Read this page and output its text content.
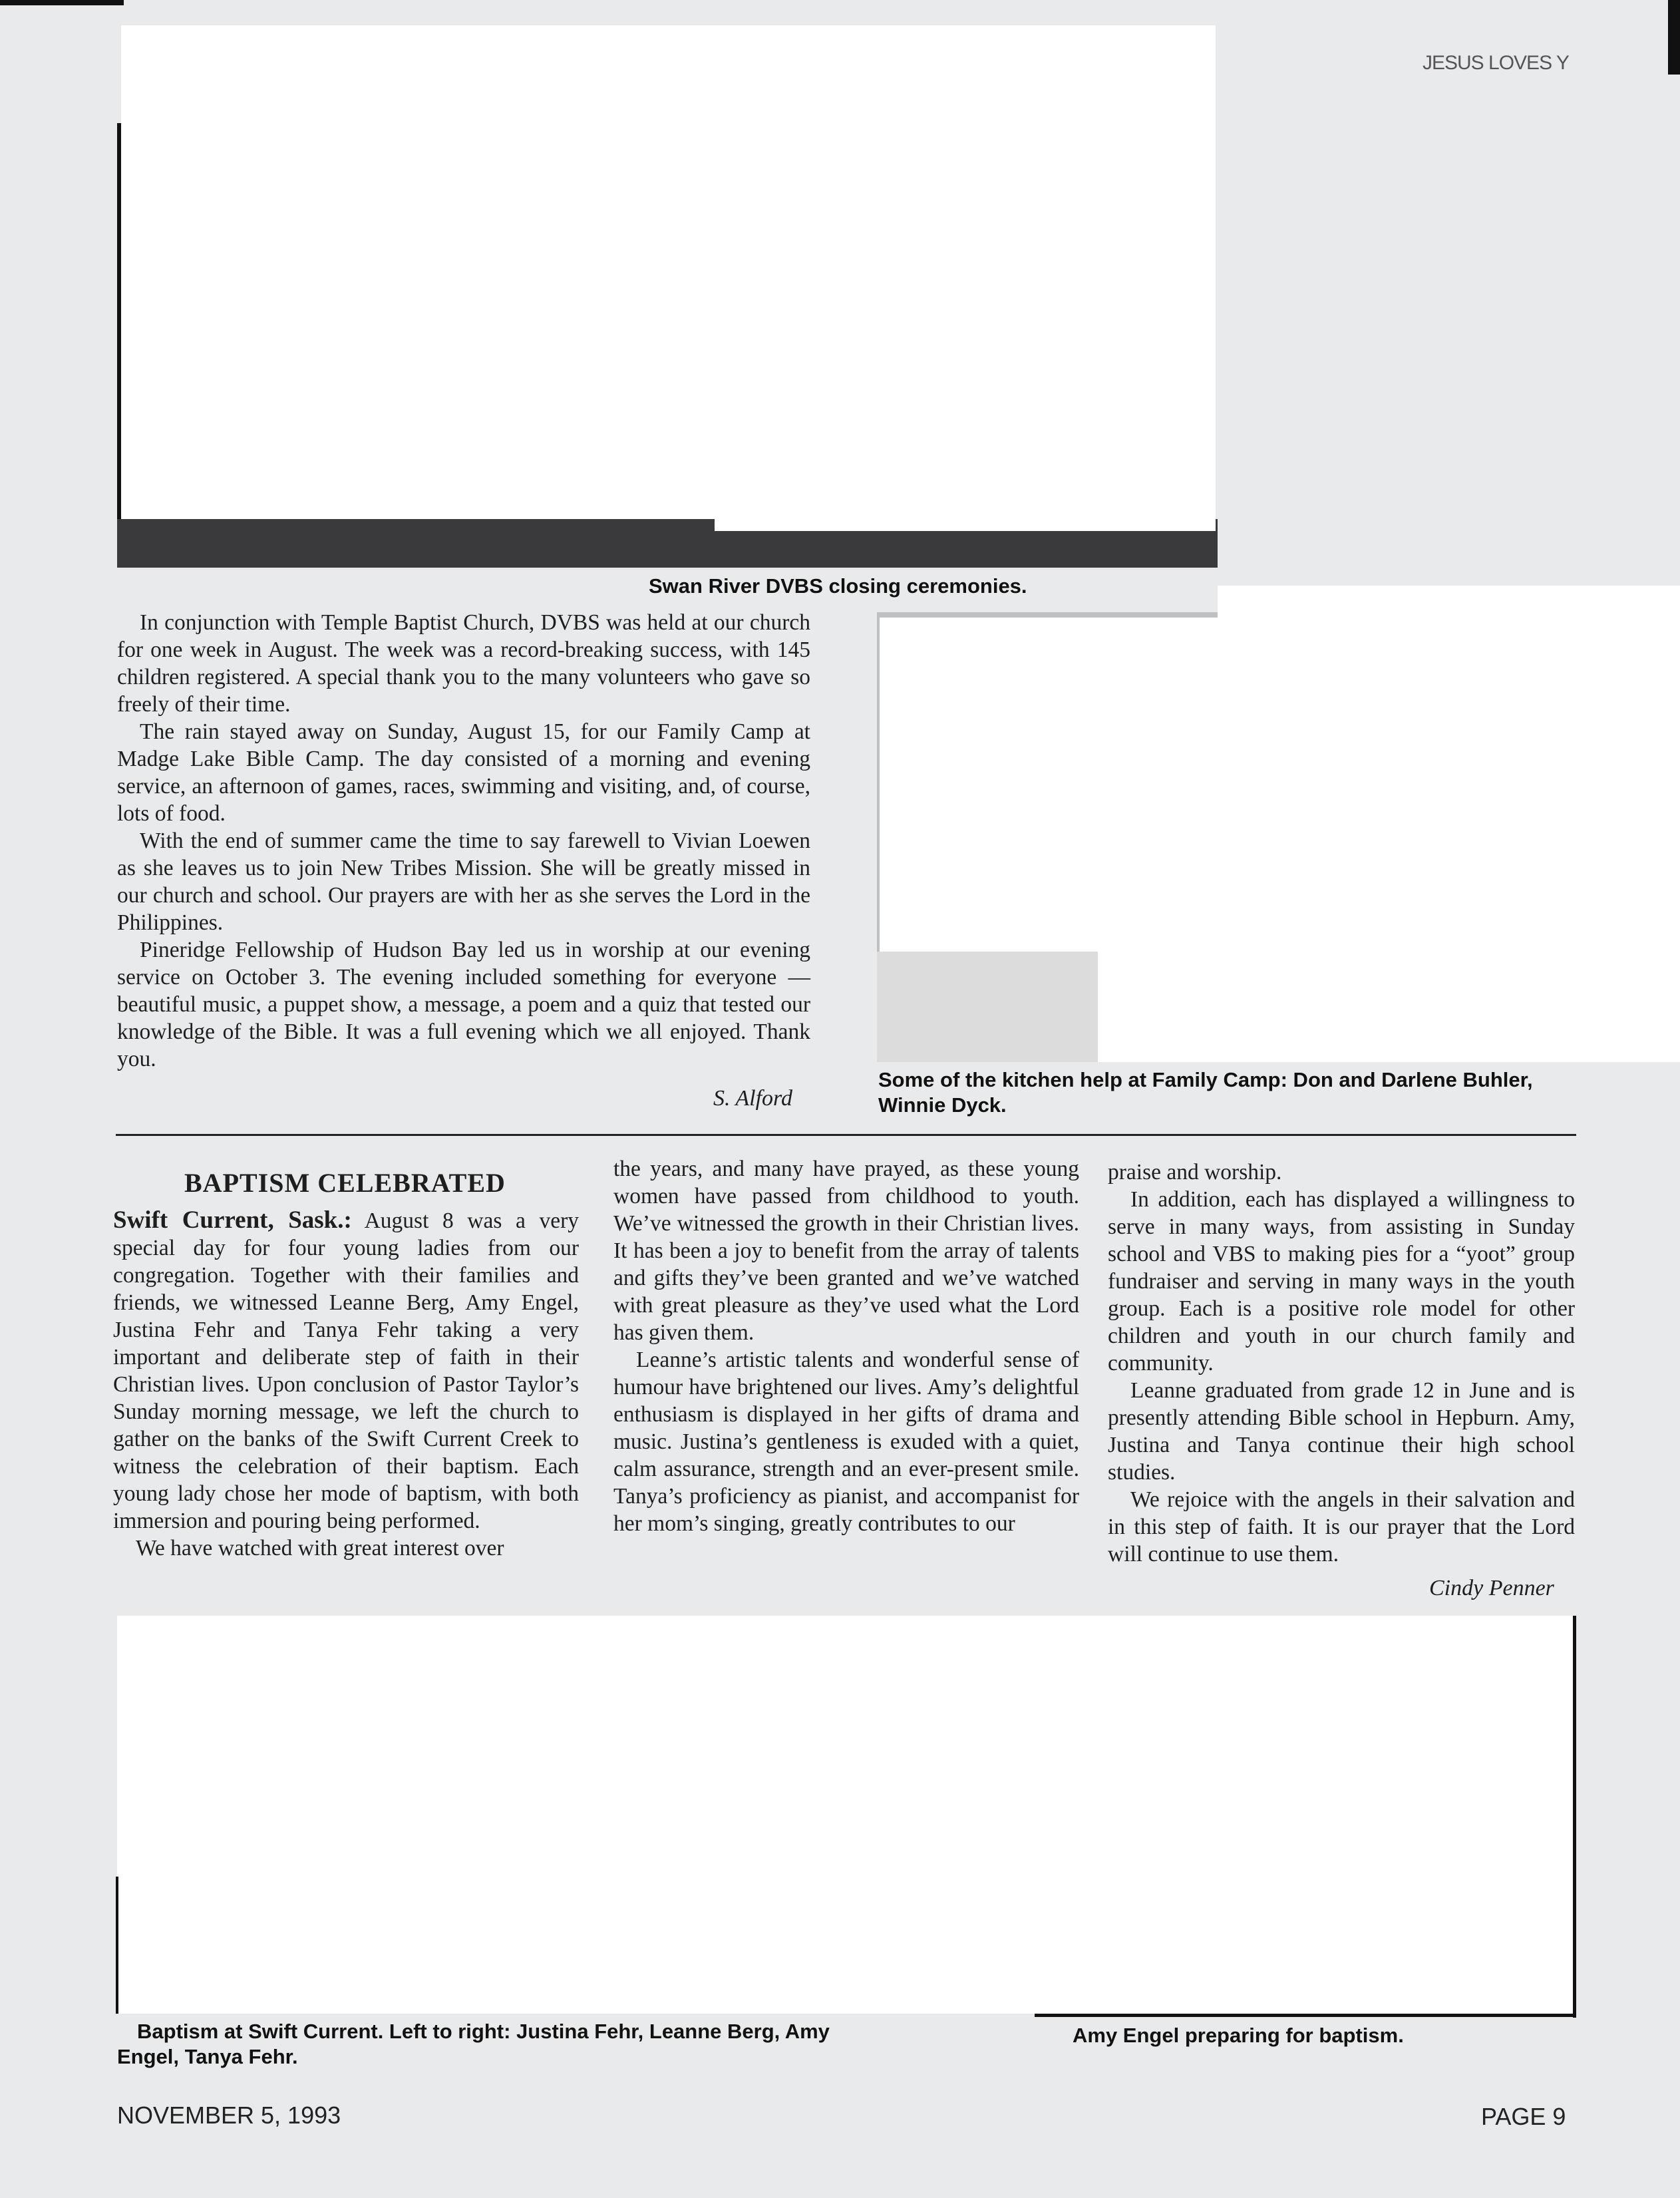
JESUS LOVES Y
Swan River DVBS closing ceremonies.

In conjunction with Temple Baptist Church, DVBS was held at our church for one week in August. The week was a record-breaking success, with 145 children registered. A special thank you to the many volunteers who gave so freely of their time.

The rain stayed away on Sunday, August 15, for our Family Camp at Madge Lake Bible Camp. The day consisted of a morning and evening service, an afternoon of games, races, swimming and visiting, and, of course, lots of food.

With the end of summer came the time to say farewell to Vivian Loewen as she leaves us to join New Tribes Mission. She will be greatly missed in our church and school. Our prayers are with her as she serves the Lord in the Philippines.

Pineridge Fellowship of Hudson Bay led us in worship at our evening service on October 3. The evening included something for everyone — beautiful music, a puppet show, a message, a poem and a quiz that tested our knowledge of the Bible. It was a full evening which we all enjoyed. Thank you.

S. Alford
Some of the kitchen help at Family Camp: Don and Darlene Buhler, Winnie Dyck.
BAPTISM CELEBRATED

Swift Current, Sask.: August 8 was a very special day for four young ladies from our congregation. Together with their families and friends, we witnessed Leanne Berg, Amy Engel, Justina Fehr and Tanya Fehr taking a very important and deliberate step of faith in their Christian lives. Upon conclusion of Pastor Taylor’s Sunday morning message, we left the church to gather on the banks of the Swift Current Creek to witness the celebration of their baptism. Each young lady chose her mode of baptism, with both immersion and pouring being performed.

We have watched with great interest over

the years, and many have prayed, as these young women have passed from childhood to youth. We’ve witnessed the growth in their Christian lives. It has been a joy to benefit from the array of talents and gifts they’ve been granted and we’ve watched with great pleasure as they’ve used what the Lord has given them.

Leanne’s artistic talents and wonderful sense of humour have brightened our lives. Amy’s delightful enthusiasm is displayed in her gifts of drama and music. Justina’s gentleness is exuded with a quiet, calm assurance, strength and an ever-present smile. Tanya’s proficiency as pianist, and accompanist for her mom’s singing, greatly contributes to our

praise and worship.

In addition, each has displayed a willingness to serve in many ways, from assisting in Sunday school and VBS to making pies for a “yoot” group fundraiser and serving in many ways in the youth group. Each is a positive role model for other children and youth in our church family and community.

Leanne graduated from grade 12 in June and is presently attending Bible school in Hepburn. Amy, Justina and Tanya continue their high school studies.

We rejoice with the angels in their salvation and in this step of faith. It is our prayer that the Lord will continue to use them.

Cindy Penner
Baptism at Swift Current. Left to right: Justina Fehr, Leanne Berg, Amy Engel, Tanya Fehr.
Amy Engel preparing for baptism.
NOVEMBER 5, 1993	PAGE 9
